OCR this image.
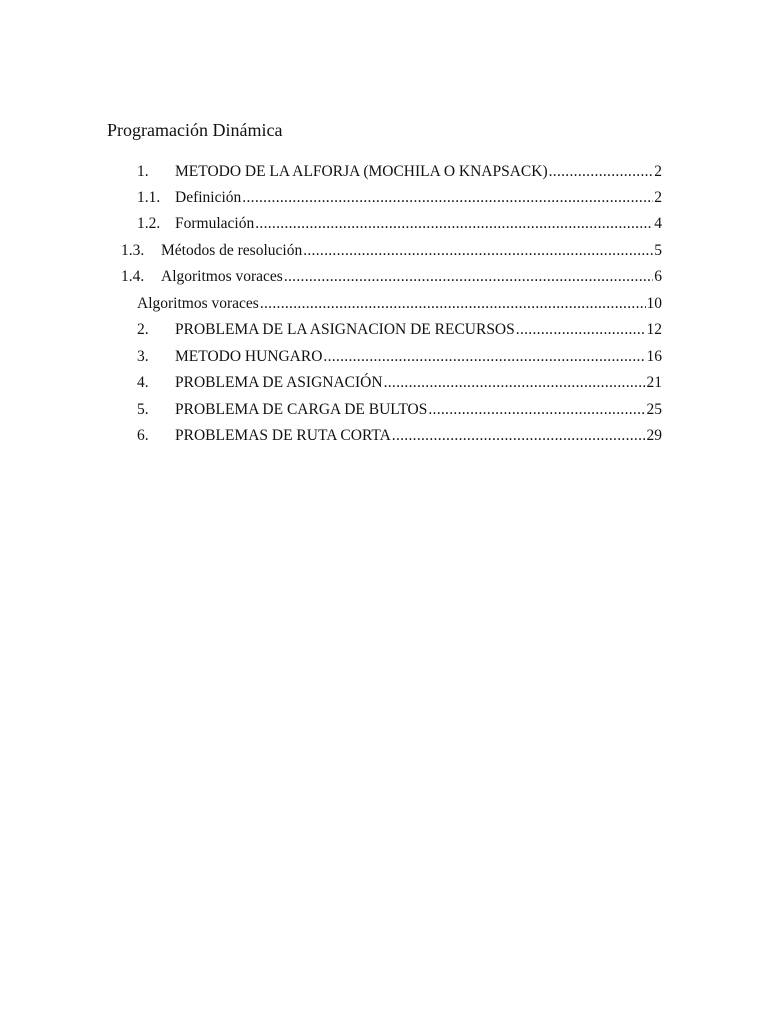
Programación Dinámica
1.	METODO DE LA ALFORJA (MOCHILA O KNAPSACK) .....	2
1.1. Definición .....	2
1.2. Formulación .....	4
1.3.	Métodos de resolución .....	5
1.4.	Algoritmos voraces .....	6
Algoritmos voraces .....	10
2.	PROBLEMA DE LA ASIGNACION DE RECURSOS .....	12
3.	METODO HUNGARO .....	16
4.	PROBLEMA DE ASIGNACIÓN .....	21
5.	PROBLEMA DE CARGA DE BULTOS .....	25
6.	PROBLEMAS DE RUTA CORTA .....	29
